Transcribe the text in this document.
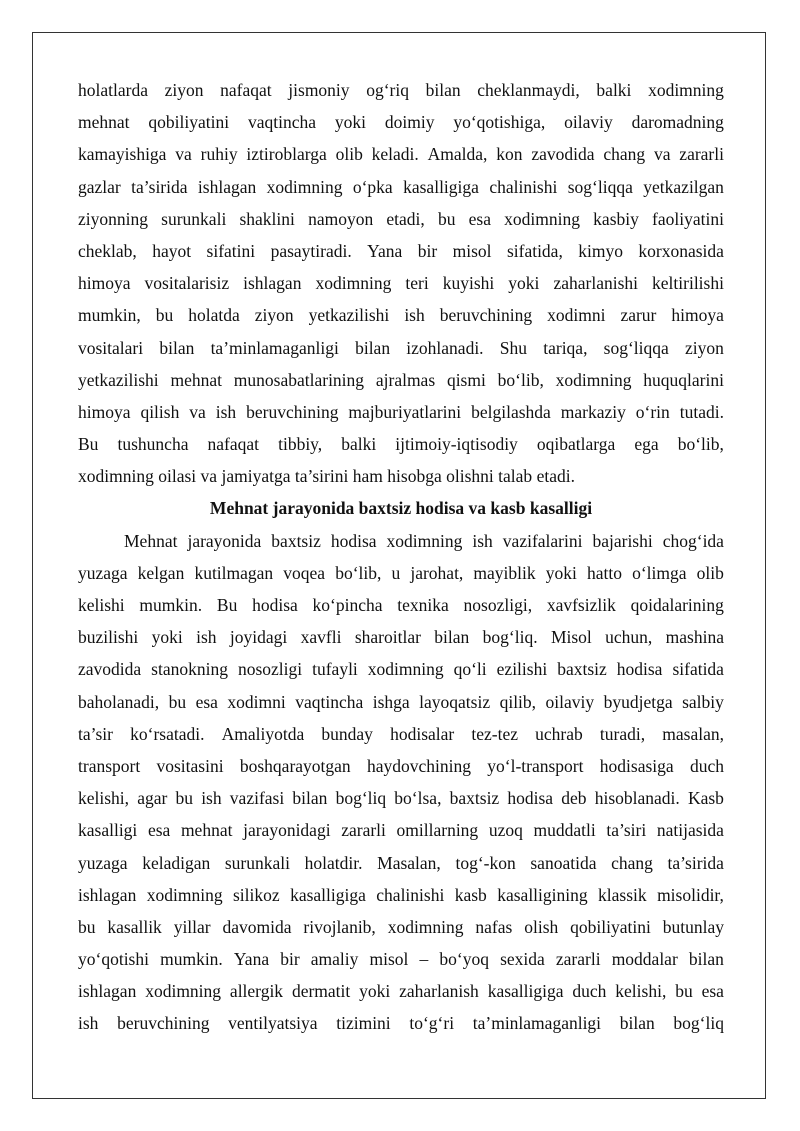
holatlarda ziyon nafaqat jismoniy og‘riq bilan cheklanmaydi, balki xodimning
mehnat qobiliyatini vaqtincha yoki doimiy yo‘qotishiga, oilaviy daromadning
kamayishiga va ruhiy iztiroblarga olib keladi. Amalda, kon zavodida chang va zararli
gazlar ta’sirida ishlagan xodimning o‘pka kasalligiga chalinishi sog‘liqqa yetkazilgan
ziyonning surunkali shaklini namoyon etadi, bu esa xodimning kasbiy faoliyatini
cheklab, hayot sifatini pasaytiradi. Yana bir misol sifatida, kimyo korxonasida
himoya vositalarisiz ishlagan xodimning teri kuyishi yoki zaharlanishi keltirilishi
mumkin, bu holatda ziyon yetkazilishi ish beruvchining xodimni zarur himoya
vositalari bilan ta’minlamaganligi bilan izohlanadi. Shu tariqa, sog‘liqqa ziyon
yetkazilishi mehnat munosabatlarining ajralmas qismi bo‘lib, xodimning huquqlarini
himoya qilish va ish beruvchining majburiyatlarini belgilashda markaziy o‘rin tutadi.
Bu tushuncha nafaqat tibbiy, balki ijtimoiy-iqtisodiy oqibatlarga ega bo‘lib,
xodimning oilasi va jamiyatga ta’sirini ham hisobga olishni talab etadi.
Mehnat jarayonida baxtsiz hodisa va kasb kasalligi
Mehnat jarayonida baxtsiz hodisa xodimning ish vazifalarini bajarishi chog‘ida
yuzaga kelgan kutilmagan voqea bo‘lib, u jarohat, mayiblik yoki hatto o‘limga olib
kelishi mumkin. Bu hodisa ko‘pincha texnika nosozligi, xavfsizlik qoidalarining
buzilishi yoki ish joyidagi xavfli sharoitlar bilan bog‘liq. Misol uchun, mashina
zavodida stanokning nosozligi tufayli xodimning qo‘li ezilishi baxtsiz hodisa sifatida
baholanadi, bu esa xodimni vaqtincha ishga layoqatsiz qilib, oilaviy byudjetga salbiy
ta’sir ko‘rsatadi. Amaliyotda bunday hodisalar tez-tez uchrab turadi, masalan,
transport vositasini boshqarayotgan haydovchining yo‘l-transport hodisasiga duch
kelishi, agar bu ish vazifasi bilan bog‘liq bo‘lsa, baxtsiz hodisa deb hisoblanadi. Kasb
kasalligi esa mehnat jarayonidagi zararli omillarning uzoq muddatli ta’siri natijasida
yuzaga keladigan surunkali holatdir. Masalan, tog‘-kon sanoatida chang ta’sirida
ishlagan xodimning silikoz kasalligiga chalinishi kasb kasalligining klassik misolidir,
bu kasallik yillar davomida rivojlanib, xodimning nafas olish qobiliyatini butunlay
yo‘qotishi mumkin. Yana bir amaliy misol – bo‘yoq sexida zararli moddalar bilan
ishlagan xodimning allergik dermatit yoki zaharlanish kasalligiga duch kelishi, bu esa
ish beruvchining ventilyatsiya tizimini to‘g‘ri ta’minlamaganligi bilan bog‘liq
